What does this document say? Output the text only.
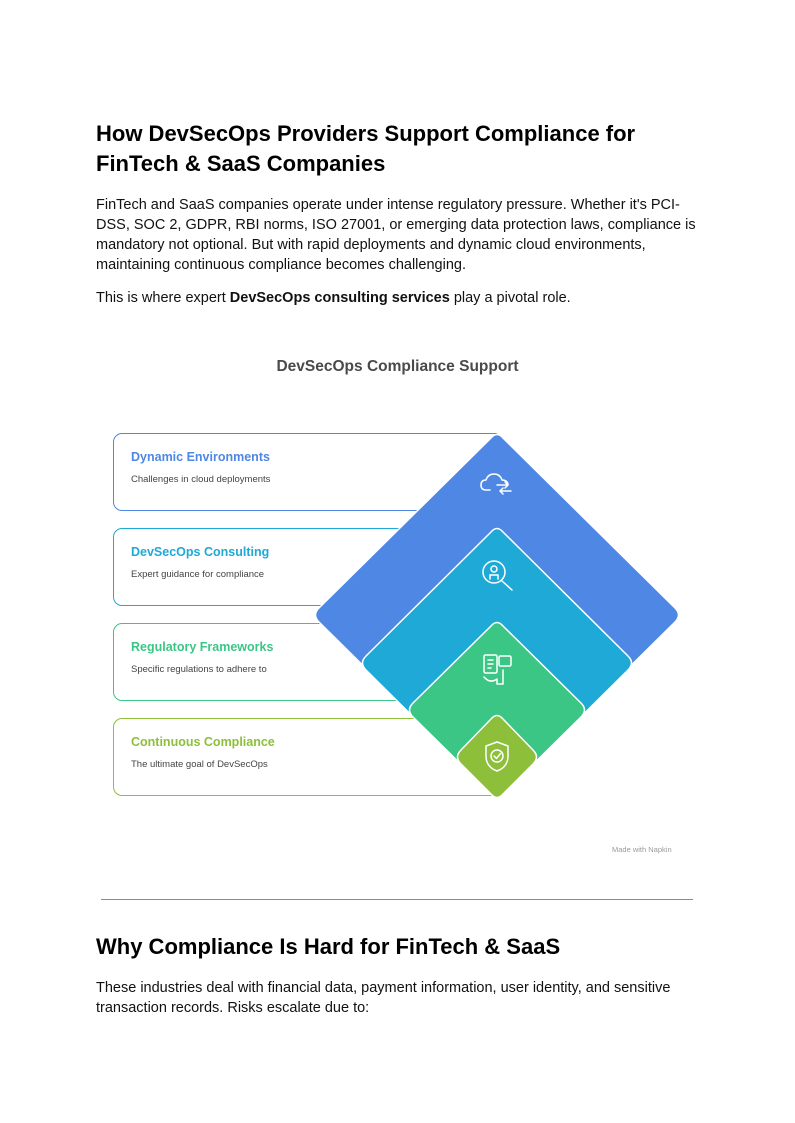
How DevSecOps Providers Support Compliance for FinTech & SaaS Companies

FinTech and SaaS companies operate under intense regulatory pressure. Whether it's PCI-DSS, SOC 2, GDPR, RBI norms, ISO 27001, or emerging data protection laws, compliance is mandatory not optional. But with rapid deployments and dynamic cloud environments, maintaining continuous compliance becomes challenging.

This is where expert DevSecOps consulting services play a pivotal role.

DevSecOps Compliance Support
Dynamic Environments
Challenges in cloud deployments
DevSecOps Consulting
Expert guidance for compliance
Regulatory Frameworks
Specific regulations to adhere to
Continuous Compliance
The ultimate goal of DevSecOps
Made with Napkin
Why Compliance Is Hard for FinTech & SaaS

These industries deal with financial data, payment information, user identity, and sensitive transaction records. Risks escalate due to:
